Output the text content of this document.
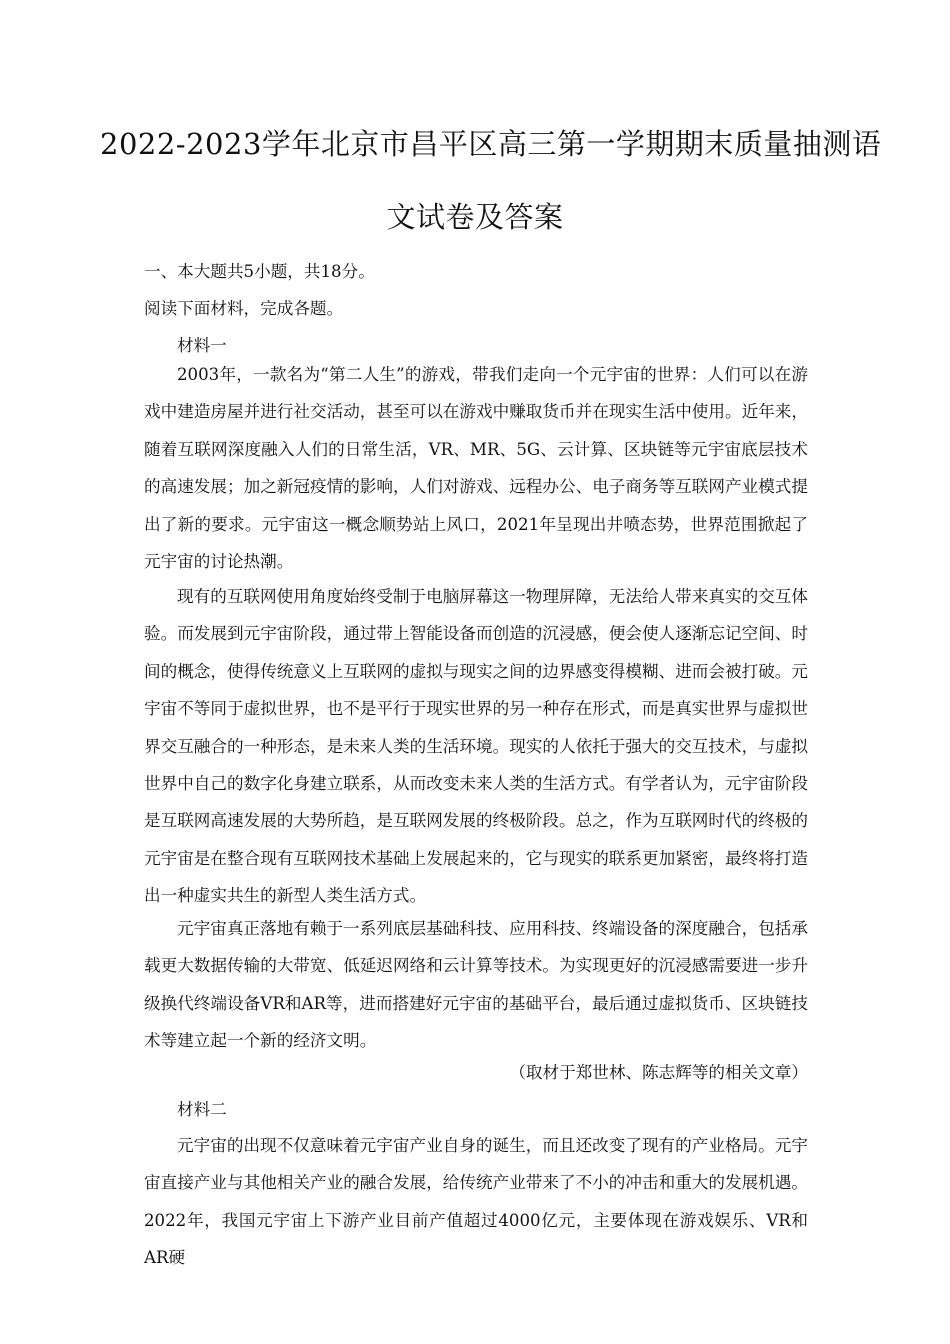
2022-2023学年北京市昌平区高三第一学期期末质量抽测语
文试卷及答案

一、本大题共5小题，共18分。

阅读下面材料，完成各题。

材料一

2003年，一款名为“第二人生”的游戏，带我们走向一个元宇宙的世界：人们可以在游戏中建造房屋并进行社交活动，甚至可以在游戏中赚取货币并在现实生活中使用。近年来，随着互联网深度融入人们的日常生活，VR、MR、5G、云计算、区块链等元宇宙底层技术的高速发展；加之新冠疫情的影响，人们对游戏、远程办公、电子商务等互联网产业模式提出了新的要求。元宇宙这一概念顺势站上风口，2021年呈现出井喷态势，世界范围掀起了元宇宙的讨论热潮。

现有的互联网使用角度始终受制于电脑屏幕这一物理屏障，无法给人带来真实的交互体验。而发展到元宇宙阶段，通过带上智能设备而创造的沉浸感，便会使人逐渐忘记空间、时间的概念，使得传统意义上互联网的虚拟与现实之间的边界感变得模糊、进而会被打破。元宇宙不等同于虚拟世界，也不是平行于现实世界的另一种存在形式，而是真实世界与虚拟世界交互融合的一种形态，是未来人类的生活环境。现实的人依托于强大的交互技术，与虚拟世界中自己的数字化身建立联系，从而改变未来人类的生活方式。有学者认为，元宇宙阶段是互联网高速发展的大势所趋，是互联网发展的终极阶段。总之，作为互联网时代的终极的元宇宙是在整合现有互联网技术基础上发展起来的，它与现实的联系更加紧密，最终将打造出一种虚实共生的新型人类生活方式。

元宇宙真正落地有赖于一系列底层基础科技、应用科技、终端设备的深度融合，包括承载更大数据传输的大带宽、低延迟网络和云计算等技术。为实现更好的沉浸感需要进一步升级换代终端设备VR和AR等，进而搭建好元宇宙的基础平台，最后通过虚拟货币、区块链技术等建立起一个新的经济文明。

（取材于郑世林、陈志辉等的相关文章）

材料二

元宇宙的出现不仅意味着元宇宙产业自身的诞生，而且还改变了现有的产业格局。元宇宙直接产业与其他相关产业的融合发展，给传统产业带来了不小的冲击和重大的发展机遇。2022年，我国元宇宙上下游产业目前产值超过4000亿元，主要体现在游戏娱乐、VR和AR硬
